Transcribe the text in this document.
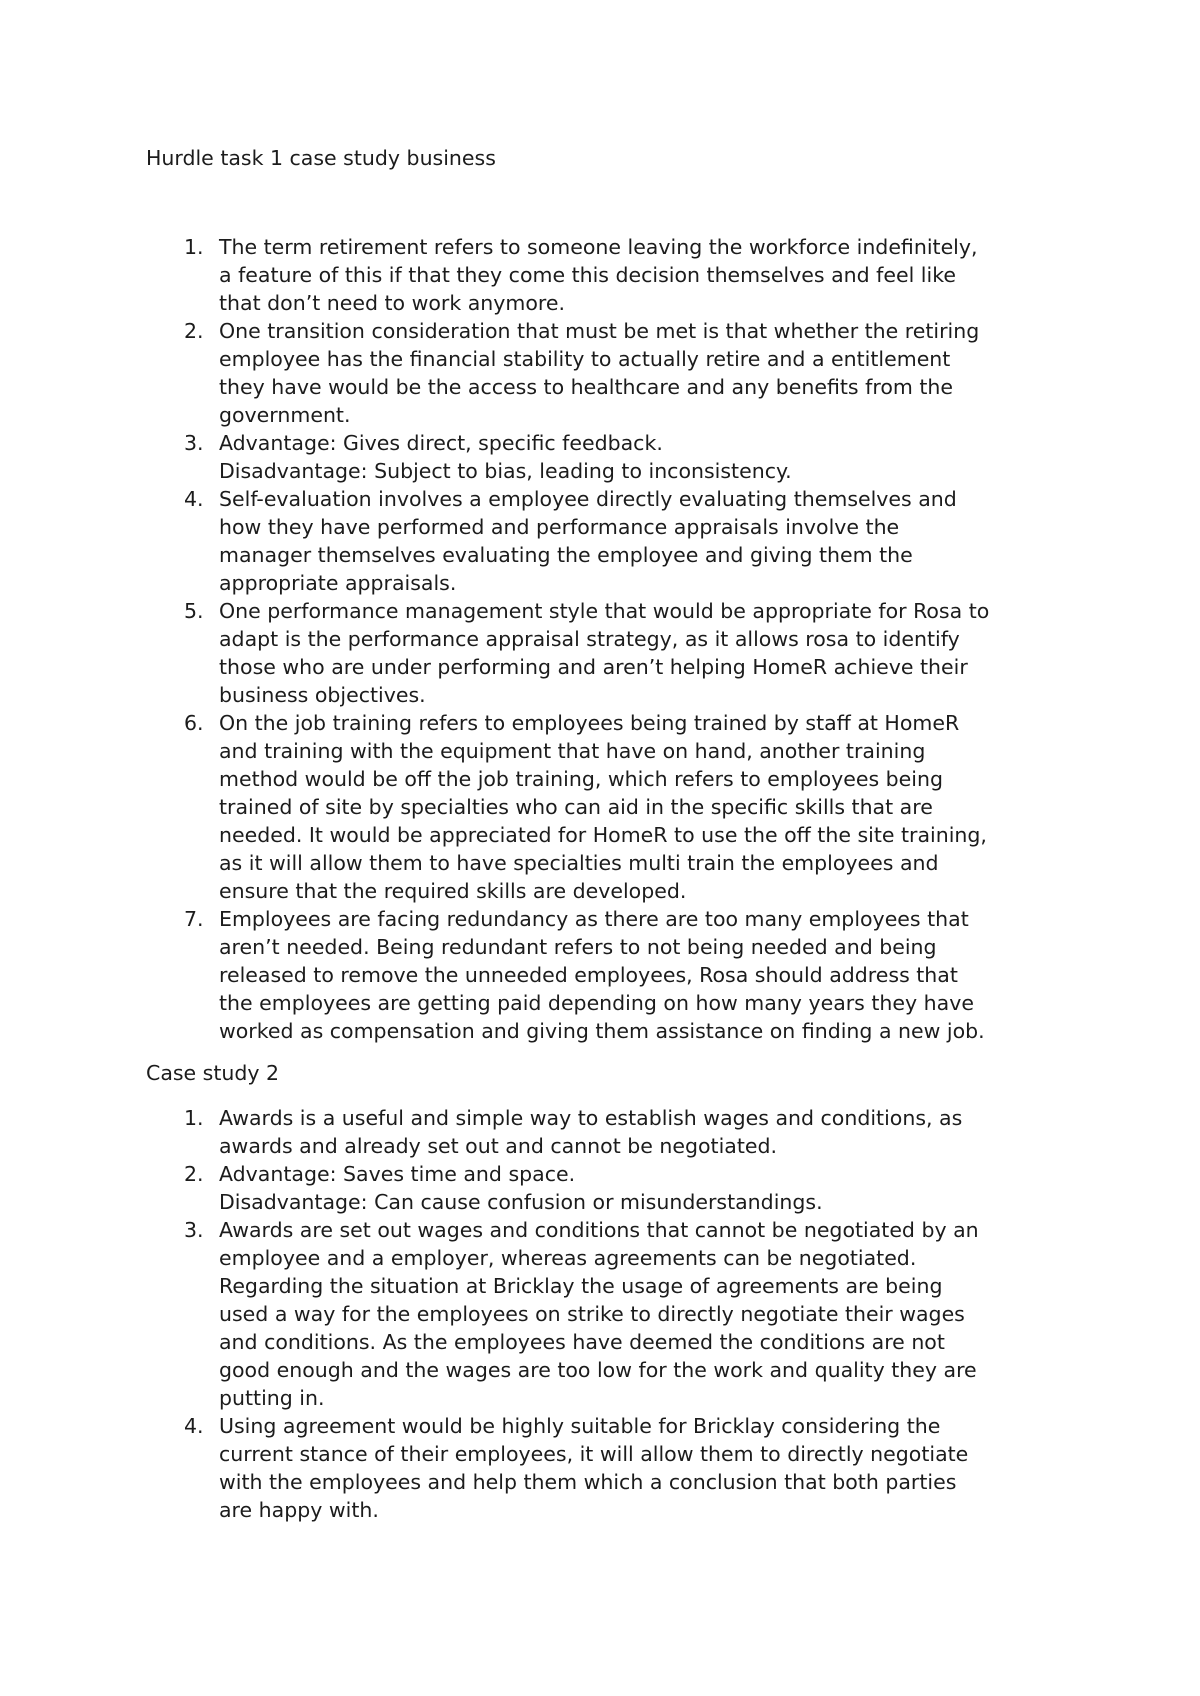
Hurdle task 1 case study business

1. The term retirement refers to someone leaving the workforce indefinitely,
a feature of this if that they come this decision themselves and feel like
that don’t need to work anymore.
2. One transition consideration that must be met is that whether the retiring
employee has the financial stability to actually retire and a entitlement
they have would be the access to healthcare and any benefits from the
government.
3. Advantage: Gives direct, specific feedback.
Disadvantage: Subject to bias, leading to inconsistency.
4. Self-evaluation involves a employee directly evaluating themselves and
how they have performed and performance appraisals involve the
manager themselves evaluating the employee and giving them the
appropriate appraisals.
5. One performance management style that would be appropriate for Rosa to
adapt is the performance appraisal strategy, as it allows rosa to identify
those who are under performing and aren’t helping HomeR achieve their
business objectives.
6. On the job training refers to employees being trained by staff at HomeR
and training with the equipment that have on hand, another training
method would be off the job training, which refers to employees being
trained of site by specialties who can aid in the specific skills that are
needed. It would be appreciated for HomeR to use the off the site training,
as it will allow them to have specialties multi train the employees and
ensure that the required skills are developed.
7. Employees are facing redundancy as there are too many employees that
aren’t needed. Being redundant refers to not being needed and being
released to remove the unneeded employees, Rosa should address that
the employees are getting paid depending on how many years they have
worked as compensation and giving them assistance on finding a new job.

Case study 2

1. Awards is a useful and simple way to establish wages and conditions, as
awards and already set out and cannot be negotiated.
2. Advantage: Saves time and space.
Disadvantage: Can cause confusion or misunderstandings.
3. Awards are set out wages and conditions that cannot be negotiated by an
employee and a employer, whereas agreements can be negotiated.
Regarding the situation at Bricklay the usage of agreements are being
used a way for the employees on strike to directly negotiate their wages
and conditions. As the employees have deemed the conditions are not
good enough and the wages are too low for the work and quality they are
putting in.
4. Using agreement would be highly suitable for Bricklay considering the
current stance of their employees, it will allow them to directly negotiate
with the employees and help them which a conclusion that both parties
are happy with.
